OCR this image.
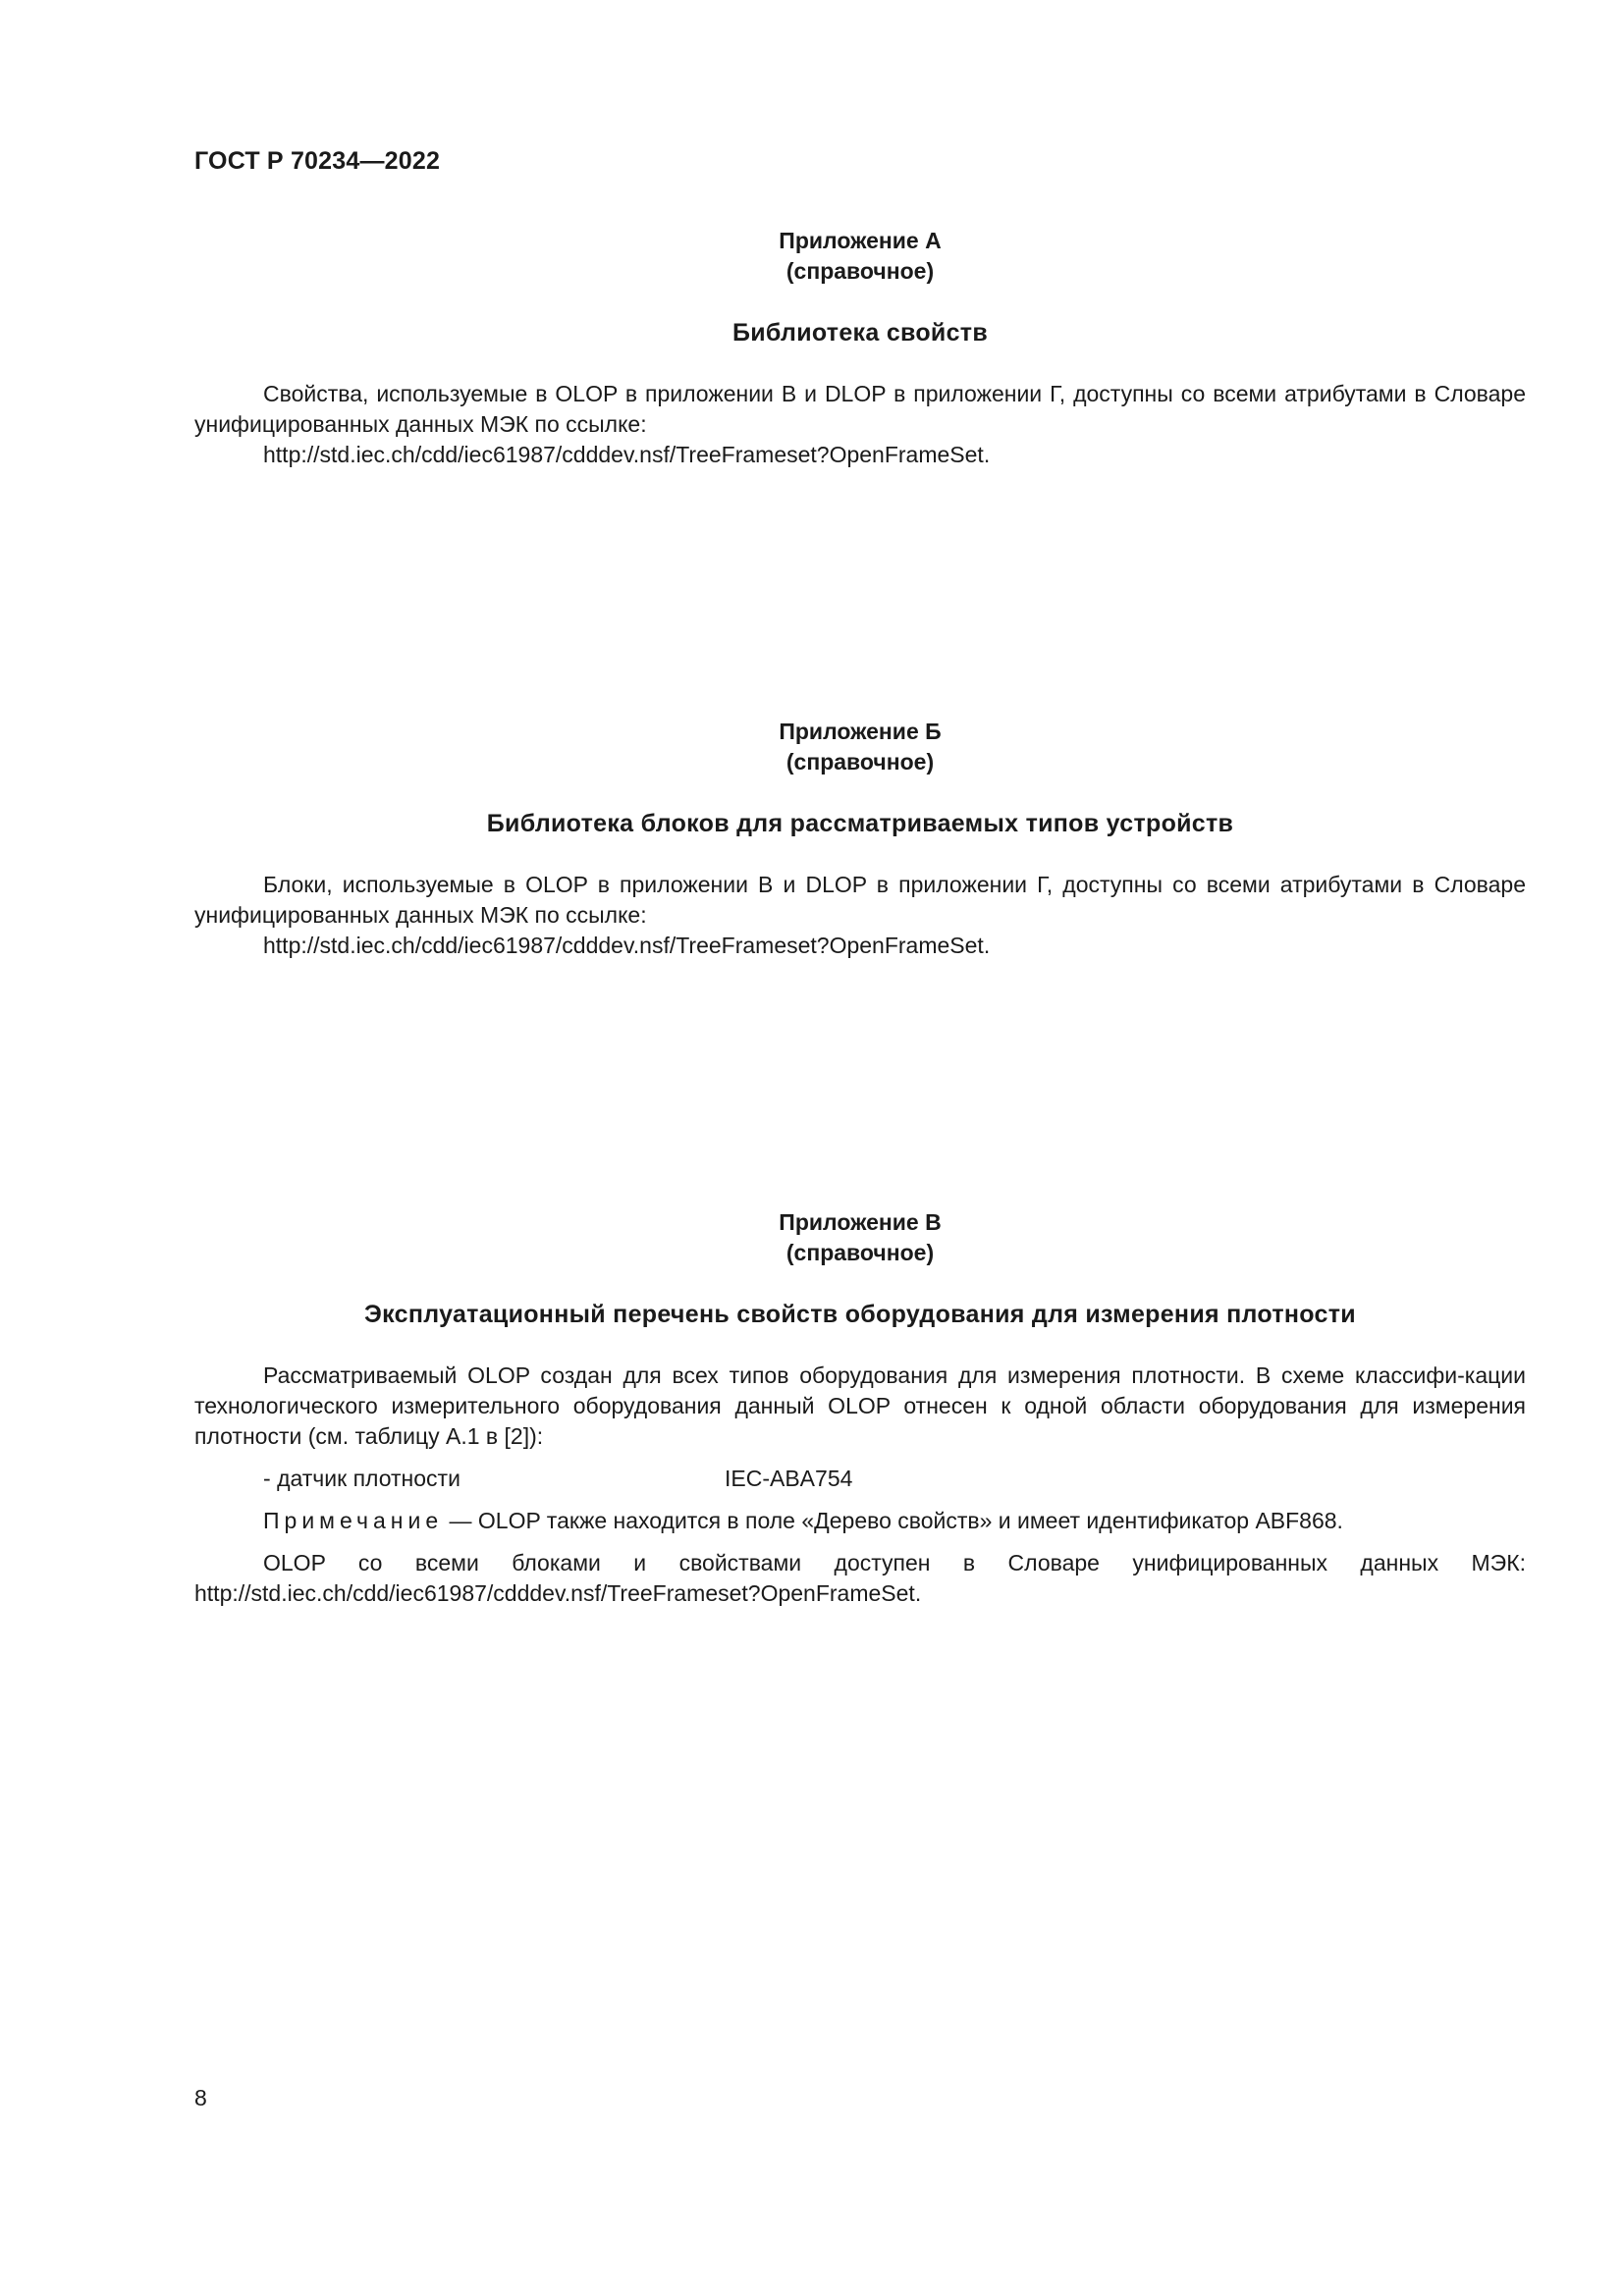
ГОСТ Р 70234—2022
Приложение А
(справочное)
Библиотека свойств
Свойства, используемые в OLOP в приложении В и DLOP в приложении Г, доступны со всеми атрибутами в Словаре унифицированных данных МЭК по ссылке:
http://std.iec.ch/cdd/iec61987/cdddev.nsf/TreeFrameset?OpenFrameSet.
Приложение Б
(справочное)
Библиотека блоков для рассматриваемых типов устройств
Блоки, используемые в OLOP в приложении В и DLOP в приложении Г, доступны со всеми атрибутами в Словаре унифицированных данных МЭК по ссылке:
http://std.iec.ch/cdd/iec61987/cdddev.nsf/TreeFrameset?OpenFrameSet.
Приложение В
(справочное)
Эксплуатационный перечень свойств оборудования для измерения плотности
Рассматриваемый OLOP создан для всех типов оборудования для измерения плотности. В схеме классифи-кации технологического измерительного оборудования данный OLOP отнесен к одной области оборудования для измерения плотности (см. таблицу А.1 в [2]):
- датчик плотности	IEC-ABA754
Примечание — OLOP также находится в поле «Дерево свойств» и имеет идентификатор ABF868.
OLOP со всеми блоками и свойствами доступен в Словаре унифицированных данных МЭК: http://std.iec.ch/cdd/iec61987/cdddev.nsf/TreeFrameset?OpenFrameSet.
8
